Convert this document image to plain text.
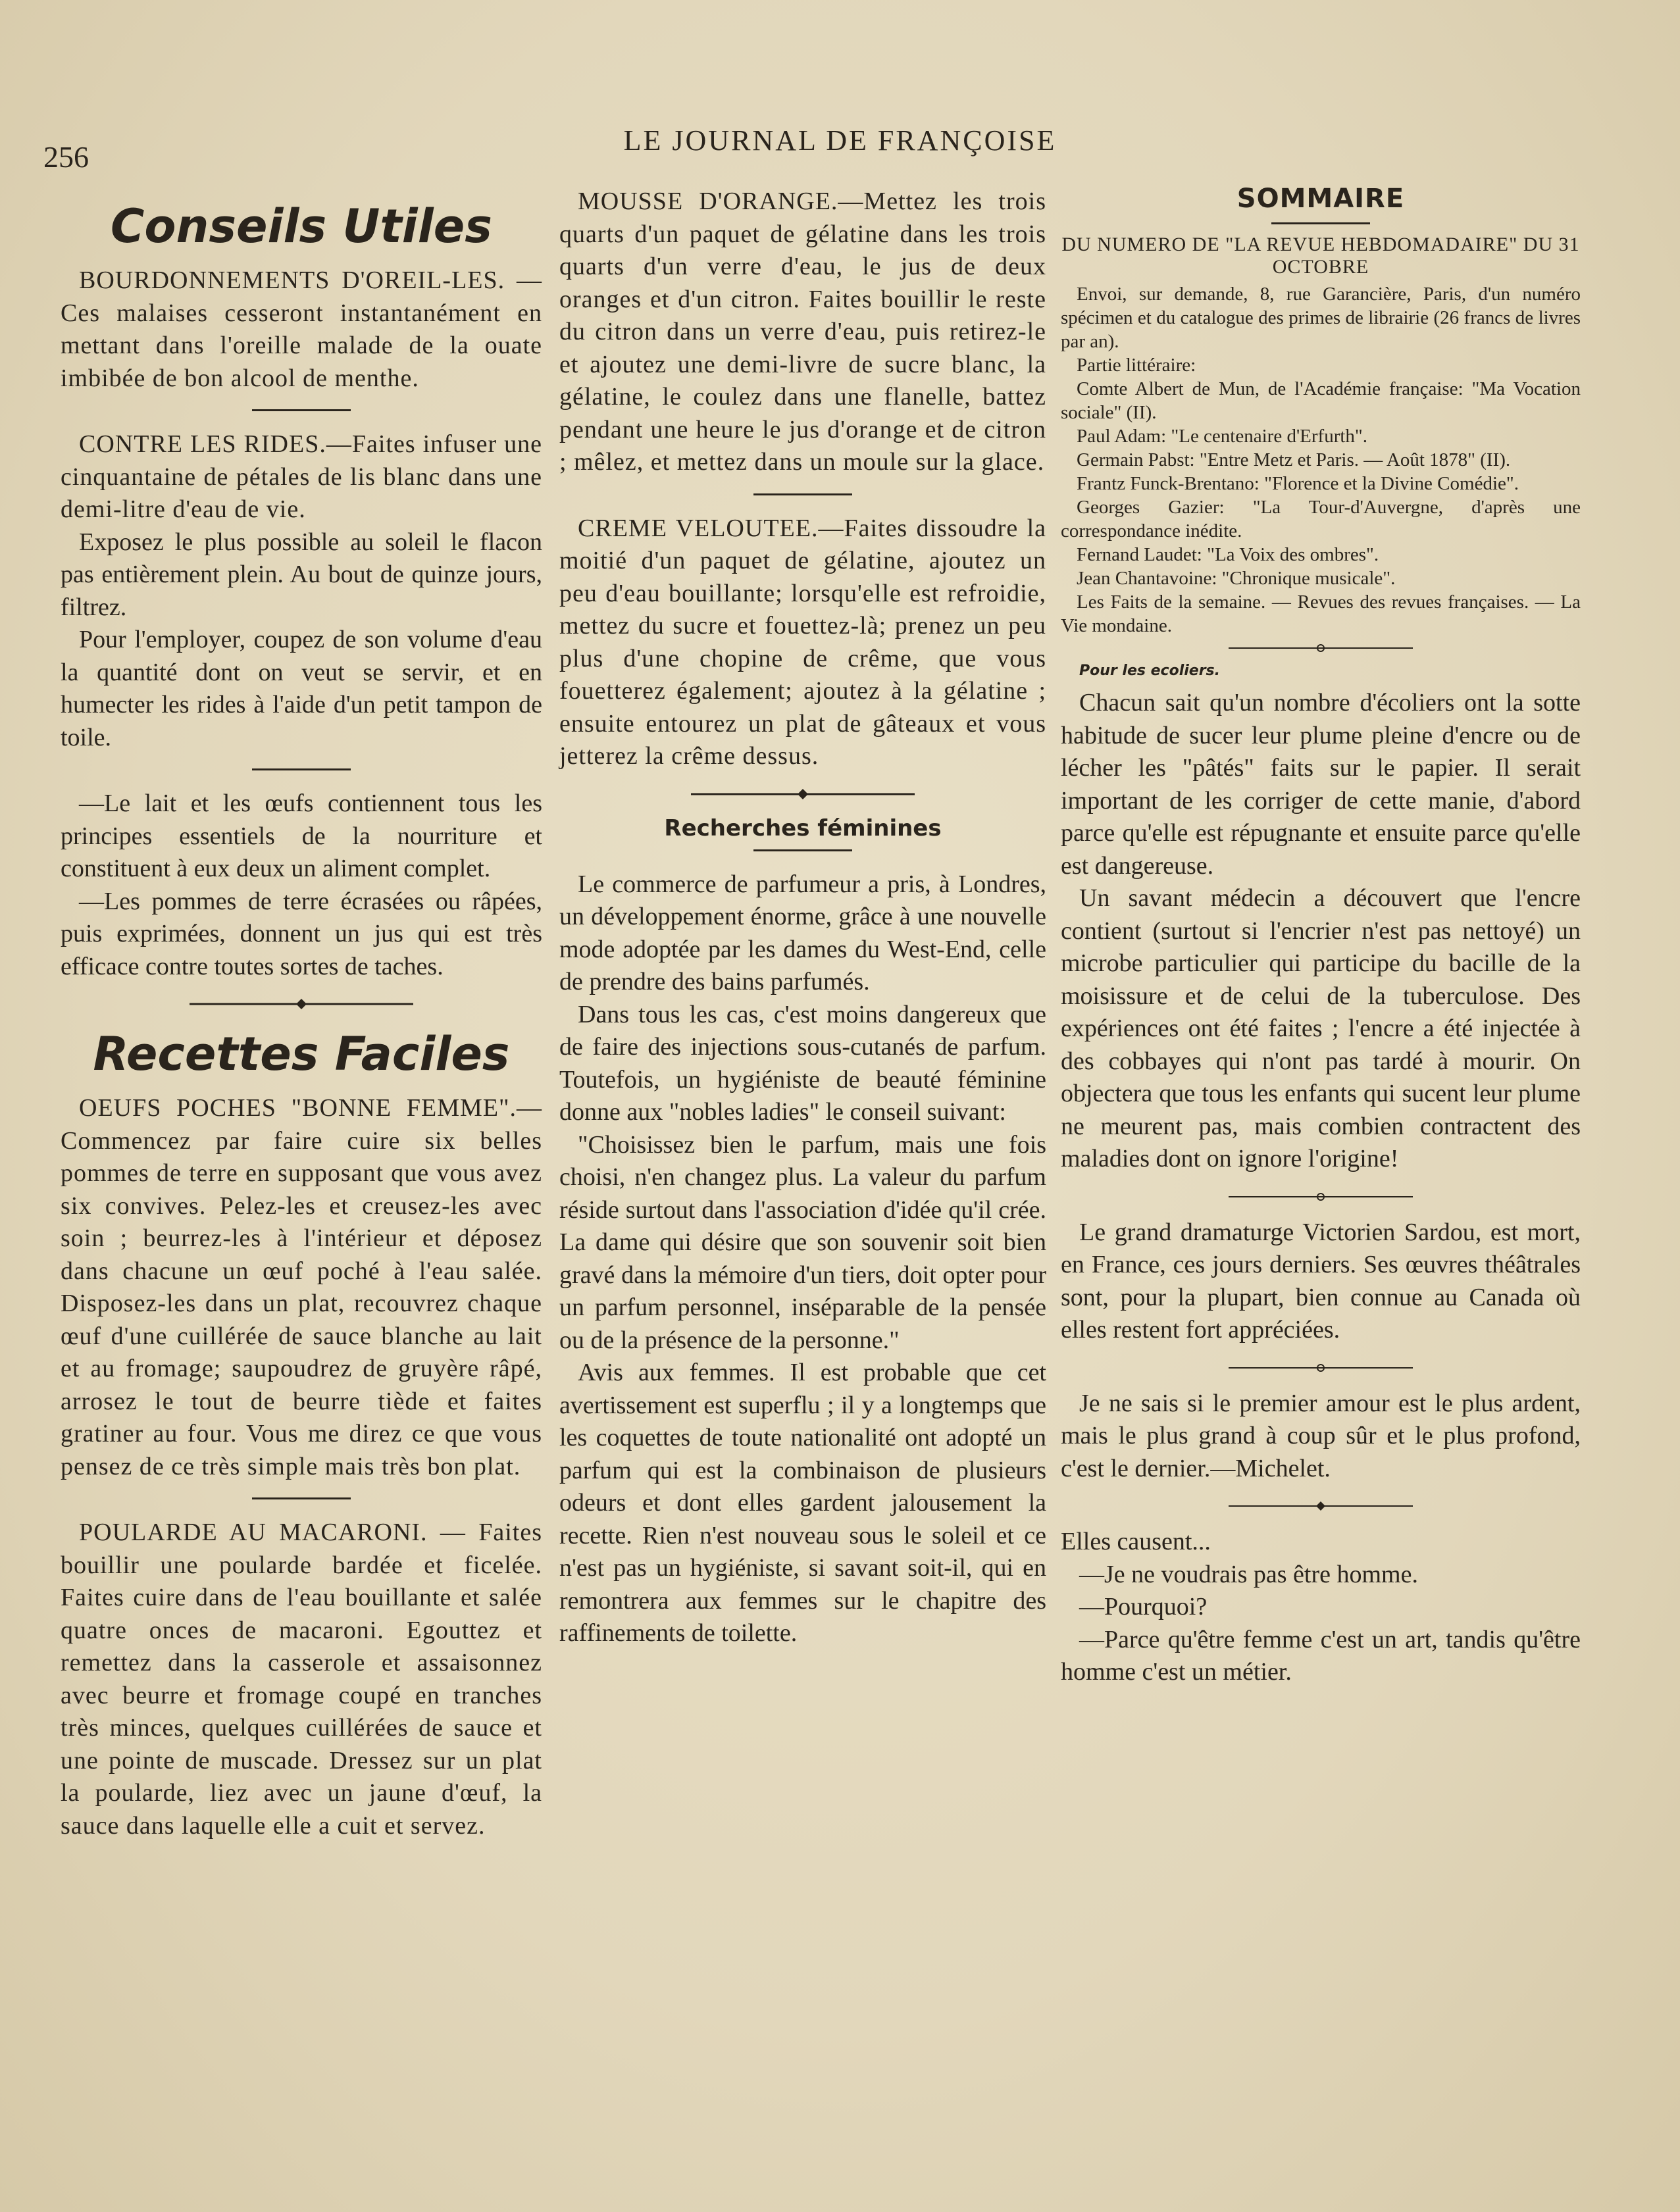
256	LE JOURNAL DE FRANÇOISE
Conseils Utiles

BOURDONNEMENTS D'OREIL-LES. — Ces malaises cesseront instantanément en mettant dans l'oreille malade de la ouate imbibée de bon alcool de menthe.

CONTRE LES RIDES.—Faites infuser une cinquantaine de pétales de lis blanc dans une demi-litre d'eau de vie.

Exposez le plus possible au soleil le flacon pas entièrement plein. Au bout de quinze jours, filtrez.

Pour l'employer, coupez de son volume d'eau la quantité dont on veut se servir, et en humecter les rides à l'aide d'un petit tampon de toile.

—Le lait et les œufs contiennent tous les principes essentiels de la nourriture et constituent à eux deux un aliment complet.

—Les pommes de terre écrasées ou râpées, puis exprimées, donnent un jus qui est très efficace contre toutes sortes de taches.

Recettes Faciles

OEUFS POCHES "BONNE FEMME".—Commencez par faire cuire six belles pommes de terre en supposant que vous avez six convives. Pelez-les et creusez-les avec soin ; beurrez-les à l'intérieur et déposez dans chacune un œuf poché à l'eau salée. Disposez-les dans un plat, recouvrez chaque œuf d'une cuillérée de sauce blanche au lait et au fromage; saupoudrez de gruyère râpé, arrosez le tout de beurre tiède et faites gratiner au four. Vous me direz ce que vous pensez de ce très simple mais très bon plat.

POULARDE AU MACARONI. — Faites bouillir une poularde bardée et ficelée. Faites cuire dans de l'eau bouillante et salée quatre onces de macaroni. Egouttez et remettez dans la casserole et assaisonnez avec beurre et fromage coupé en tranches très minces, quelques cuillérées de sauce et une pointe de muscade. Dressez sur un plat la poularde, liez avec un jaune d'œuf, la sauce dans laquelle elle a cuit et servez.

MOUSSE D'ORANGE.—Mettez les trois quarts d'un paquet de gélatine dans les trois quarts d'un verre d'eau, le jus de deux oranges et d'un citron. Faites bouillir le reste du citron dans un verre d'eau, puis retirez-le et ajoutez une demi-livre de sucre blanc, la gélatine, le coulez dans une flanelle, battez pendant une heure le jus d'orange et de citron ; mêlez, et mettez dans un moule sur la glace.

CREME VELOUTEE.—Faites dissoudre la moitié d'un paquet de gélatine, ajoutez un peu d'eau bouillante; lorsqu'elle est refroidie, mettez du sucre et fouettez-là; prenez un peu plus d'une chopine de crême, que vous fouetterez également; ajoutez à la gélatine ; ensuite entourez un plat de gâteaux et vous jetterez la crême dessus.

Recherches féminines

Le commerce de parfumeur a pris, à Londres, un développement énorme, grâce à une nouvelle mode adoptée par les dames du West-End, celle de prendre des bains parfumés.

Dans tous les cas, c'est moins dangereux que de faire des injections sous-cutanés de parfum. Toutefois, un hygiéniste de beauté féminine donne aux "nobles ladies" le conseil suivant:

"Choisissez bien le parfum, mais une fois choisi, n'en changez plus. La valeur du parfum réside surtout dans l'association d'idée qu'il crée. La dame qui désire que son souvenir soit bien gravé dans la mémoire d'un tiers, doit opter pour un parfum personnel, inséparable de la pensée ou de la présence de la personne."

Avis aux femmes. Il est probable que cet avertissement est superflu ; il y a longtemps que les coquettes de toute nationalité ont adopté un parfum qui est la combinaison de plusieurs odeurs et dont elles gardent jalousement la recette. Rien n'est nouveau sous le soleil et ce n'est pas un hygiéniste, si savant soit-il, qui en remontrera aux femmes sur le chapitre des raffinements de toilette.

SOMMAIRE
DU NUMERO DE "LA REVUE HEBDOMADAIRE" DU 31 OCTOBRE

Envoi, sur demande, 8, rue Garancière, Paris, d'un numéro spécimen et du catalogue des primes de librairie (26 francs de livres par an).

Partie littéraire:

Comte Albert de Mun, de l'Académie française: "Ma Vocation sociale" (II).

Paul Adam: "Le centenaire d'Erfurth".

Germain Pabst: "Entre Metz et Paris. — Août 1878" (II).

Frantz Funck-Brentano: "Florence et la Divine Comédie".

Georges Gazier: "La Tour-d'Auvergne, d'après une correspondance inédite.

Fernand Laudet: "La Voix des ombres".

Jean Chantavoine: "Chronique musicale".

Les Faits de la semaine. — Revues des revues françaises. — La Vie mondaine.

Pour les ecoliers.

Chacun sait qu'un nombre d'écoliers ont la sotte habitude de sucer leur plume pleine d'encre ou de lécher les "pâtés" faits sur le papier. Il serait important de les corriger de cette manie, d'abord parce qu'elle est répugnante et ensuite parce qu'elle est dangereuse.

Un savant médecin a découvert que l'encre contient (surtout si l'encrier n'est pas nettoyé) un microbe particulier qui participe du bacille de la moisissure et de celui de la tuberculose. Des expériences ont été faites ; l'encre a été injectée à des cobbayes qui n'ont pas tardé à mourir. On objectera que tous les enfants qui sucent leur plume ne meurent pas, mais combien contractent des maladies dont on ignore l'origine!

Le grand dramaturge Victorien Sardou, est mort, en France, ces jours derniers. Ses œuvres théâtrales sont, pour la plupart, bien connue au Canada où elles restent fort appréciées.

Je ne sais si le premier amour est le plus ardent, mais le plus grand à coup sûr et le plus profond, c'est le dernier.—Michelet.

Elles causent...

—Je ne voudrais pas être homme.

—Pourquoi?

—Parce qu'être femme c'est un art, tandis qu'être homme c'est un métier.
